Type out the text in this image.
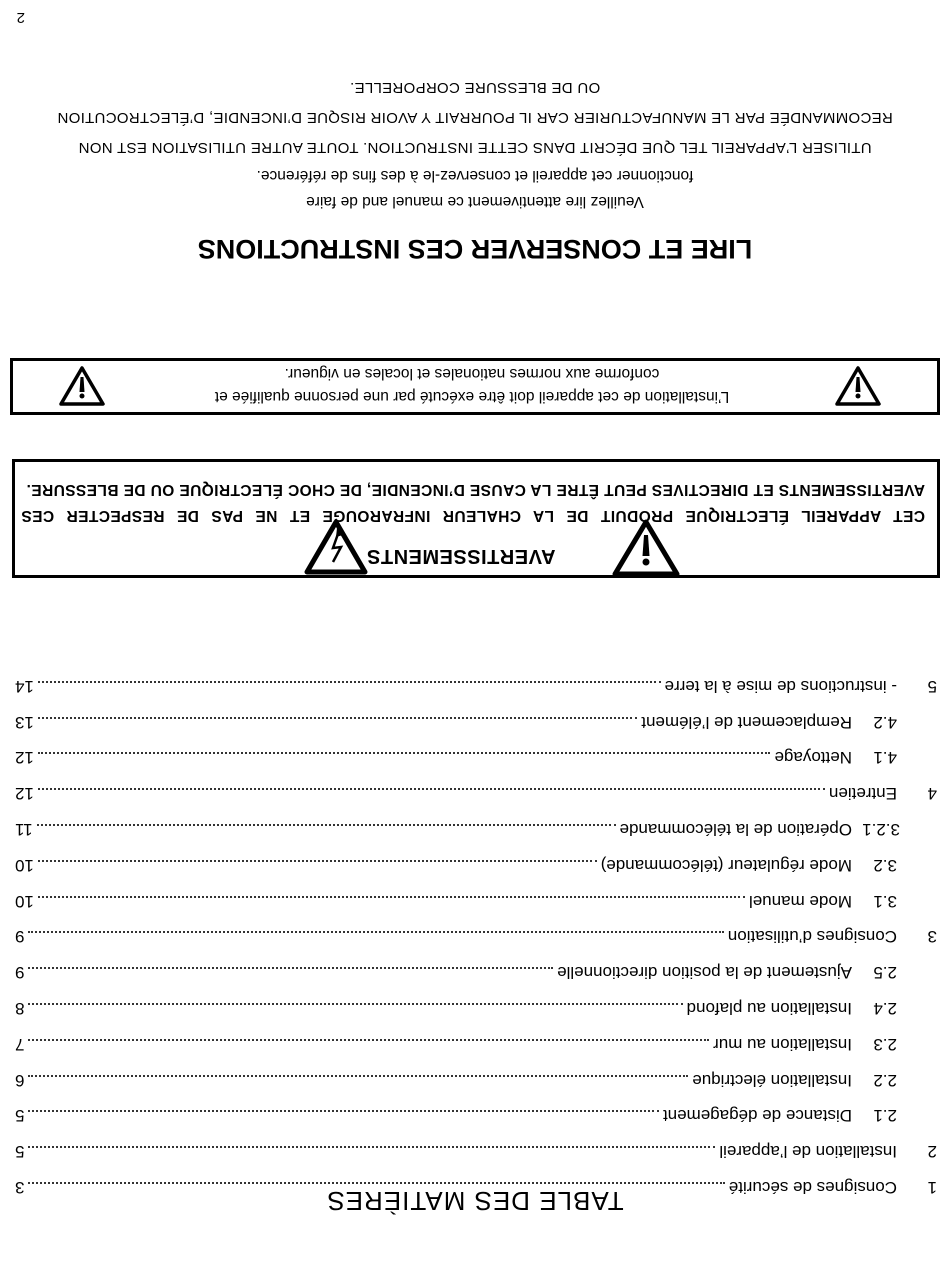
TABLE DES MATIÈRES	1
Consignes de sécurité
3
2
Installation de l’appareil
5
2.1
Distance de dégagement
5
2.2
Installation électrique
6
2.3
Installation au mur
7
2.4
Installation au plafond
8
2.5
Ajustement de la position directionnelle
9
3
Consignes d’utilisation
9
3.1
Mode manuel
10
3.2
Mode régulateur (télécommande)
10
3.2.1
Opération de la télécommande
11
4
Entretien
12
4.1
Nettoyage
12
4.2
Remplacement de l’élément
13
5
- instructions de mise à la terre
14
AVERTISSEMENTS
CET APPAREIL ÉLECTRIQUE PRODUIT DE LA CHALEUR INFRAROUGE ET NE PAS DE RESPECTER CES AVERTISSEMENTS ET DIRECTIVES PEUT ÊTRE LA CAUSE D’INCENDIE, DE CHOC ÉLECTRIQUE OU DE BLESSURE.
L’installation de cet appareil doit être exécuté par une personne qualifiée et conforme aux normes nationales et locales en vigueur.
LIRE ET CONSERVER CES INSTRUCTIONS
Veuillez lire attentivement ce manuel and de faire
fonctionner cet appareil et conservez-le à des fins de référence.
UTILISER L’APPAREIL TEL QUE DÉCRIT DANS CETTE INSTRUCTION. TOUTE AUTRE UTILISATION EST NON
RECOMMANDÉE PAR LE MANUFACTURIER CAR IL POURRAIT Y AVOIR RISQUE D’INCENDIE, D’ÉLECTROCUTION
OU DE BLESSURE CORPORELLE.
2
